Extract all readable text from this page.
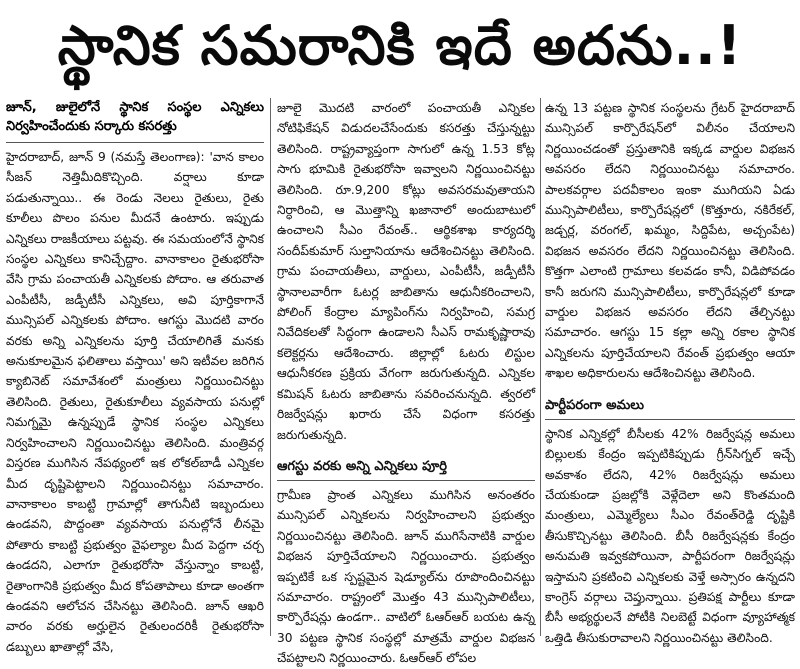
స్థానిక సమరానికి ఇదే అదను..!
జూన్, జులైలోనే స్థానిక సంస్థల ఎన్నికలు నిర్వహించేందుకు సర్కారు కసరత్తు

హైదరాబాద్, జూన్ 9 (నమస్తే తెలంగాణ): 'వాన కాలం సీజన్ నెత్తిమీదికొచ్చింది. వర్షాలు కూడా పడుతున్నాయి.. ఈ రెండు నెలలు రైతులు, రైతు కూలీలు పొలం పనుల మీదనే ఉంటారు. ఇప్పుడు ఎన్నికలు రాజకీయాలు పట్టవు. ఈ సమయంలోనే స్థానిక సంస్థల ఎన్నికలు కానిచ్చేద్దాం. వానాకాలం రైతుభరోసా వేసి గ్రామ పంచాయతీ ఎన్నికలకు పోదాం. ఆ తరువాత ఎంపీటీసీ, జడ్పీటీసీ ఎన్నికలు, అవి పూర్తికాగానే మున్సిపల్ ఎన్నికలకు పోదాం. ఆగస్టు మొదటి వారం వరకు అన్ని ఎన్నికలను పూర్తి చేయాలిగితే మనకు అనుకూలమైన ఫలితాలు వస్తాయి' అని ఇటీవల జరిగిన క్యాబినెట్ సమావేశంలో మంత్రులు నిర్ణయించినట్టు తెలిసింది. రైతులు, రైతుకూలీలు వ్యవసాయ పనుల్లో నిమగ్నమై ఉన్నప్పుడే స్థానిక సంస్థల ఎన్నికలు నిర్వహించాలని నిర్ణయించినట్టు తెలిసింది. మంత్రివర్గ విస్తరణ ముగిసిన నేపథ్యంలో ఇక లోకల్‌బాడీ ఎన్నికల మీద దృష్టిపెట్టాలని నిర్ణయించినట్టు సమాచారం. వానాకాలం కాబట్టి గ్రామాల్లో తాగునీటి ఇబ్బందులు ఉండవని, పొద్దంతా వ్యవసాయ పనుల్లోనే లీనమై పోతారు కాబట్టి ప్రభుత్వం వైఫల్యాల మీద పెద్దగా చర్చ ఉండదని, ఎలాగూ రైతుభరోసా వేస్తున్నాం కాబట్టి, రైతాంగానికి ప్రభుత్వం మీద కోపతాపాలు కూడా అంతగా ఉండవని ఆలోచన చేసినట్టు తెలిసింది. జూన్ ఆఖరి వారం వరకు అర్హులైన రైతులందరికీ రైతుభరోసా డబ్బులు ఖాతాల్లో వేసి,

జూలై మొదటి వారంలో పంచాయతీ ఎన్నికల నోటిఫికేషన్ విడుదలచేసేందుకు కసరత్తు చేస్తున్నట్టు తెలిసింది. రాష్ట్రవ్యాప్తంగా సాగులో ఉన్న 1.53 కోట్ల సాగు భూమికి రైతుభరోసా ఇవ్వాలని నిర్ణయించినట్టు తెలిసింది. రూ.9,200 కోట్లు అవసరమవుతాయని నిర్ధారించి, ఆ మొత్తాన్ని ఖజానాలో అందుబాటులో ఉంచాలని సీఎం రేవంత్.. ఆర్థికశాఖ కార్యదర్శి సందీప్‌కుమార్ సుల్తానియాను ఆదేశించినట్టు తెలిసింది. గ్రామ పంచాయతీలు, వార్డులు, ఎంపీటీసీ, జడ్పీటీసీ స్థానాలవారీగా ఓటర్ల జాబితాను ఆధునీకరించాలని, పోలింగ్ కేంద్రాల మ్యాపింగ్‌ను నిర్వహించి, సమగ్ర నివేదికలతో సిద్ధంగా ఉండాలని సీఎస్ రామకృష్ణారావు కలెక్టర్లను ఆదేశించారు. జిల్లాల్లో ఓటరు లిస్టుల ఆధునీకరణ ప్రక్రియ వేగంగా జరుగుతున్నది. ఎన్నికల కమిషన్ ఓటరు జాబితాను సవరించనున్నది. త్వరలో రిజర్వేషన్లు ఖరారు చేసే విధంగా కసరత్తు జరుగుతున్నది.

ఆగస్టు వరకు అన్ని ఎన్నికలు పూర్తి

గ్రామీణ ప్రాంత ఎన్నికలు ముగిసిన అనంతరం మున్సిపల్ ఎన్నికలను నిర్వహించాలని ప్రభుత్వం నిర్ణయించినట్టు తెలిసింది. జూన్ ముగిసేనాటికి వార్డుల విభజన పూర్తిచేయాలని నిర్ణయించారు. ప్రభుత్వం ఇప్పటికే ఒక స్పష్టమైన షెడ్యూల్‌ను రూపొందించినట్టు సమాచారం. రాష్ట్రంలో మొత్తం 43 మున్సిపాలిటీలు, కార్పొరేషన్లు ఉండగా.. వాటిలో ఓఆర్‌ఆర్ బయట ఉన్న 30 పట్టణ స్థానిక సంస్థల్లో మాత్రమే వార్డుల విభజన చేపట్టాలని నిర్ణయించారు. ఓఆర్‌ఆర్ లోపల

ఉన్న 13 పట్టణ స్థానిక సంస్థలను గ్రేటర్ హైదరాబాద్ మున్సిపల్ కార్పొరేషన్‌లో విలీనం చేయాలని నిర్ణయించడంతో ప్రస్తుతానికి ఇక్కడ వార్డుల విభజన అవసరం లేదని నిర్ణయించినట్టు సమాచారం. పాలకవర్గాల పదవీకాలం ఇంకా ముగియని ఏడు మున్సిపాలిటీలు, కార్పొరేషన్లలో (కొత్తూరు, నకిరేకల్, జడ్చర్ల, వరంగల్, ఖమ్మం, సిద్దిపేట, అచ్చంపేట) విభజన అవసరం లేదని నిర్ణయించినట్టు తెలిసింది. కొత్తగా ఎలాంటి గ్రామాలు కలవడం కానీ, విడిపోవడం కానీ జరుగని మున్సిపాలిటీలు, కార్పొరేషన్లలో కూడా వార్డుల విభజన అవసరం లేదని తేల్చినట్టు సమాచారం. ఆగస్టు 15 కల్లా అన్ని రకాల స్థానిక ఎన్నికలను పూర్తిచేయాలని రేవంత్ ప్రభుత్వం ఆయా శాఖల అధికారులను ఆదేశించినట్టు తెలిసింది.

పార్టీపరంగా అమలు

స్థానిక ఎన్నికల్లో బీసీలకు 42% రిజర్వేషన్ల అమలు బిల్లులకు కేంద్రం ఇప్పటికిప్పుడు గ్రీన్‌సిగ్నల్ ఇచ్చే అవకాశం లేదని, 42% రిజర్వేషన్లు అమలు చేయకుండా ప్రజల్లోకి వెళ్లేదెలా అని కొంతమంది మంత్రులు, ఎమ్మెల్యేలు సీఎం రేవంత్‌రెడ్డి దృష్టికి తీసుకొచ్చినట్టు తెలిసింది. బీసీ రిజర్వేషన్లకు కేంద్రం అనుమతి ఇవ్వకపోయినా, పార్టీపరంగా రిజర్వేషన్లు ఇస్తామని ప్రకటించి ఎన్నికలకు వెళ్తే అస్సారం ఉన్నదని కాంగ్రెస్ వర్గాలు చెప్తున్నాయి. ప్రతిపక్ష పార్టీలు కూడా బీసీ అభ్యర్థులనే పోటీకి నిలబెట్టే విధంగా వ్యూహాత్మక ఒత్తిడి తీసుకురావాలని నిర్ణయించినట్టు తెలిసింది.
